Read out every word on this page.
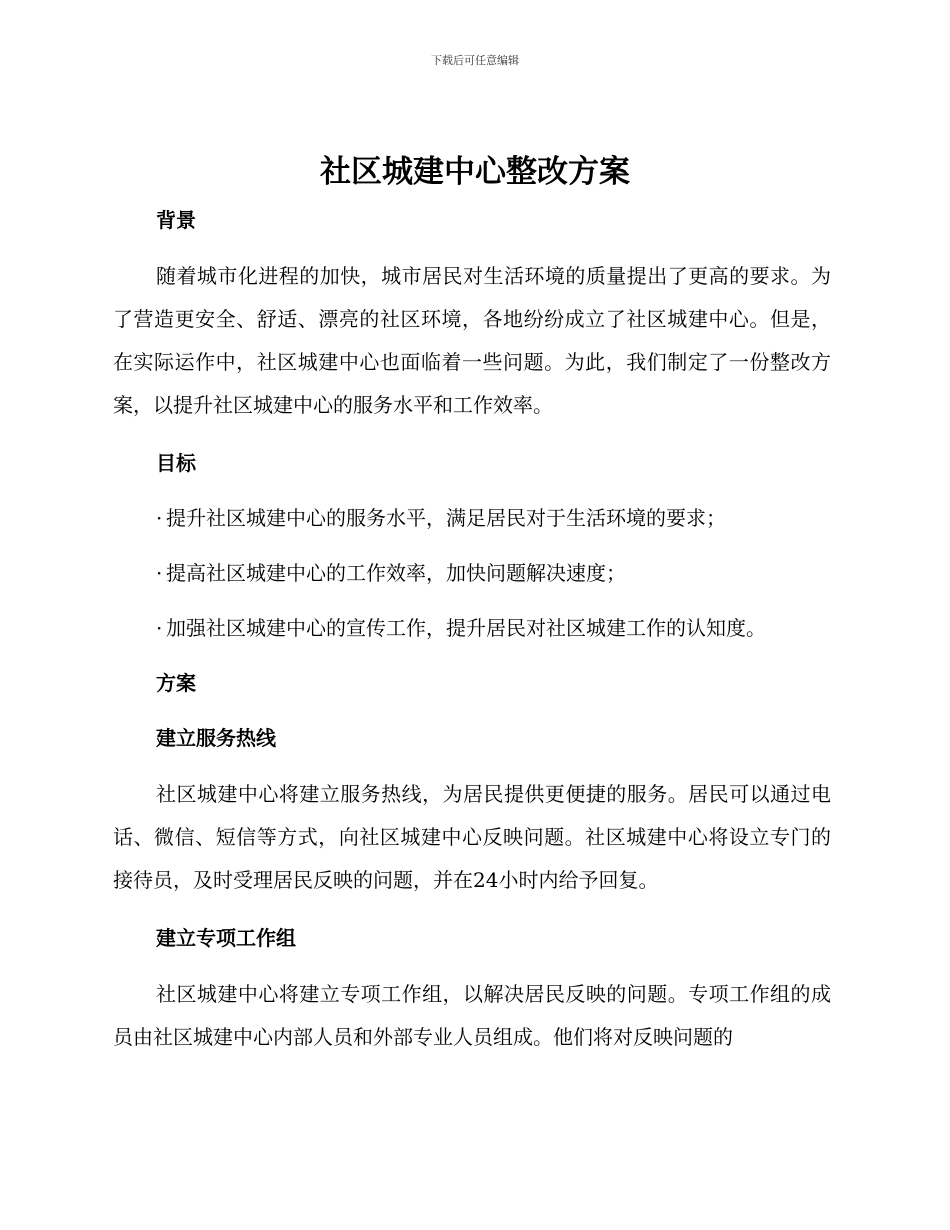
下载后可任意编辑
社区城建中心整改方案
背景

随着城市化进程的加快，城市居民对生活环境的质量提出了更高的要求。为了营造更安全、舒适、漂亮的社区环境，各地纷纷成立了社区城建中心。但是，在实际运作中，社区城建中心也面临着一些问题。为此，我们制定了一份整改方案，以提升社区城建中心的服务水平和工作效率。

目标
· 提升社区城建中心的服务水平，满足居民对于生活环境的要求；
· 提高社区城建中心的工作效率，加快问题解决速度；
· 加强社区城建中心的宣传工作，提升居民对社区城建工作的认知度。
方案
建立服务热线

社区城建中心将建立服务热线，为居民提供更便捷的服务。居民可以通过电话、微信、短信等方式，向社区城建中心反映问题。社区城建中心将设立专门的接待员，及时受理居民反映的问题，并在24小时内给予回复。

建立专项工作组

社区城建中心将建立专项工作组，以解决居民反映的问题。专项工作组的成员由社区城建中心内部人员和外部专业人员组成。他们将对反映问题的
